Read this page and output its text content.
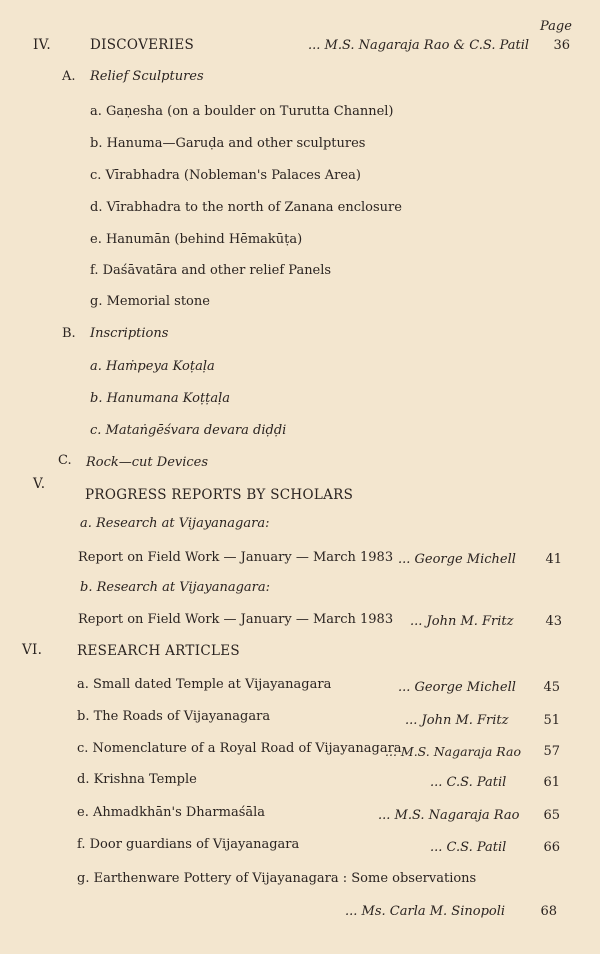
Page
IV.	DISCOVERIES	... M.S. Nagaraja Rao & C.S. Patil	36
A. Relief Sculptures
a. Gaṇesha (on a boulder on Turutta Channel)
b. Hanuma—Garuḍa and other sculptures
c. Vīrabhadra (Nobleman's Palaces Area)
d. Vīrabhadra to the north of Zanana enclosure
e. Hanumān (behind Hēmakūṭa)
f. Daśāvatāra and other relief Panels
g. Memorial stone
B. Inscriptions
a. Haṁpeya Koṭaḷa
b. Hanumana Koṭṭaḷa
c. Mataṅgēśvara devara diḍḍi
C. Rock—cut Devices
V.
PROGRESS REPORTS BY SCHOLARS
a. Research at Vijayanagara:
Report on Field Work — January — March 1983 ... George Michell	41
b. Research at Vijayanagara:
Report on Field Work — January — March 1983 ... John M. Fritz	43
VI.	RESEARCH ARTICLES
a. Small dated Temple at Vijayanagara	... George Michell	45
b. The Roads of Vijayanagara	... John M. Fritz	51
c. Nomenclature of a Royal Road of Vijayanagara
... M.S. Nagaraja Rao	57
d. Krishna Temple	... C.S. Patil	61
e. Ahmadkhān's Dharmaśāla	... M.S. Nagaraja Rao	65
f. Door guardians of Vijayanagara	... C.S. Patil	66
g. Earthenware Pottery of Vijayanagara : Some observations
... Ms. Carla M. Sinopoli	68
